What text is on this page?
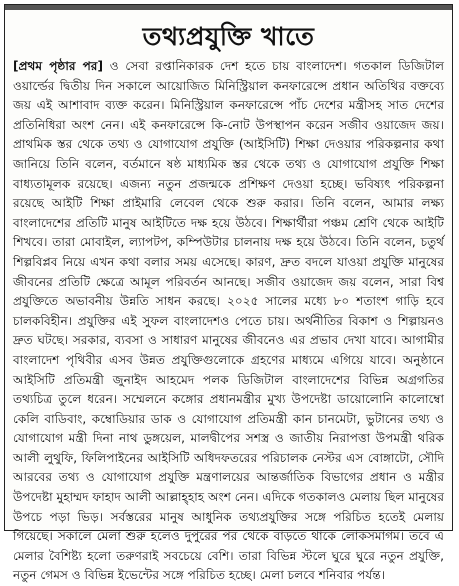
তথ্যপ্রযুক্তি খাতে
[প্রথম পৃষ্ঠার পর] ও সেবা রপ্তানিকারক দেশ হতে চায় বাংলাদেশ। গতকাল ডিজিটাল ওয়ার্ল্ডের দ্বিতীয় দিন সকালে আয়োজিত মিনিস্ট্রিয়াল কনফারেন্সে প্রধান অতিথির বক্তব্যে জয় এই আশাবাদ ব্যক্ত করেন। মিনিস্ট্রিয়াল কনফারেন্সে পাঁচ দেশের মন্ত্রীসহ সাত দেশের প্রতিনিধিরা অংশ নেন। এই কনফারেন্সে কি-নোট উপস্থাপন করেন সজীব ওয়াজেদ জয়। প্রাথমিক স্তর থেকে তথ্য ও যোগাযোগ প্রযুক্তি (আইসিটি) শিক্ষা দেওয়ার পরিকল্পনার কথা জানিয়ে তিনি বলেন, বর্তমানে ষষ্ঠ মাধ্যমিক স্তর থেকে তথ্য ও যোগাযোগ প্রযুক্তি শিক্ষা বাধ্যতামূলক রয়েছে। এজন্য নতুন প্রজন্মকে প্রশিক্ষণ দেওয়া হচ্ছে। ভবিষ্যৎ পরিকল্পনা রয়েছে আইটি শিক্ষা প্রাইমারি লেবেল থেকে শুরু করার। তিনি বলেন, আমার লক্ষ্য বাংলাদেশের প্রতিটি মানুষ আইটিতে দক্ষ হয়ে উঠবে। শিক্ষার্থীরা পঞ্চম শ্রেণি থেকে আইটি শিখবে। তারা মোবাইল, ল্যাপটপ, কম্পিউটার চালনায় দক্ষ হয়ে উঠবে। তিনি বলেন, চতুর্থ শিল্পবিপ্লব নিয়ে এখন কথা বলার সময় এসেছে। কারণ, দ্রুত বদলে যাওয়া প্রযুক্তি মানুষের জীবনের প্রতিটি ক্ষেত্রে আমূল পরিবর্তন আনছে। সজীব ওয়াজেদ জয় বলেন, সারা বিশ্ব প্রযুক্তিতে অভাবনীয় উন্নতি সাধন করছে। ২০২৫ সালের মধ্যে ৮০ শতাংশ গাড়ি হবে চালকবিহীন। প্রযুক্তির এই সুফল বাংলাদেশও পেতে চায়। অর্থনীতির বিকাশ ও শিল্পায়নও দ্রুত ঘটছে। সরকার, ব্যবসা ও সাধারণ মানুষের জীবনেও এর প্রভাব দেখা যাবে। আগামীর বাংলাদেশ পৃথিবীর এসব উন্নত প্রযুক্তিগুলোকে গ্রহণের মাধ্যমে এগিয়ে যাবে। অনুষ্ঠানে আইসিটি প্রতিমন্ত্রী জুনাইদ আহমেদ পলক ডিজিটাল বাংলাদেশের বিভিন্ন অগ্রগতির তথ্যচিত্র তুলে ধরেন। সম্মেলনে কঙ্গোর প্রধানমন্ত্রীর মুখ্য উপদেষ্টা ডায়োলোনি কালোম্বো কেলি বাডিবাং, কম্বোডিয়ার ডাক ও যোগাযোগ প্রতিমন্ত্রী কান চানমেটা, ভুটানের তথ্য ও যোগাযোগ মন্ত্রী দিনা নাথ ডুঙ্গয়েল, মালদ্বীপের সশস্ত্র ও জাতীয় নিরাপত্তা উপমন্ত্রী থরিক আলী লুথুফি, ফিলিপাইনের আইসিটি অধিদফতরের পরিচালক নেস্টর এস বোঙ্গাটো, সৌদি আরবের তথ্য ও যোগাযোগ প্রযুক্তি মন্ত্রণালয়ের আন্তর্জাতিক বিভাগের প্রধান ও মন্ত্রীর উপদেষ্টা মুহাম্মদ ফাহাদ আলী আল্লাহ্হাহ অংশ নেন। এদিকে গতকালও মেলায় ছিল মানুষের উপচে পড়া ভিড়। সর্বস্তরের মানুষ আধুনিক তথ্যপ্রযুক্তির সঙ্গে পরিচিত হতেই মেলায় গিয়েছে। সকালে মেলা শুরু হলেও দুপুরের পর থেকে বাড়তে থাকে লোকসমাগম। তবে এ মেলার বৈশিষ্ট্য হলো তরুণরাই সবচেয়ে বেশি। তারা বিভিন্ন স্টলে ঘুরে ঘুরে নতুন প্রযুক্তি, নতুন গেমস ও বিভিন্ন ইভেন্টের সঙ্গে পরিচিত হচ্ছে। মেলা চলবে শনিবার পর্যন্ত।
